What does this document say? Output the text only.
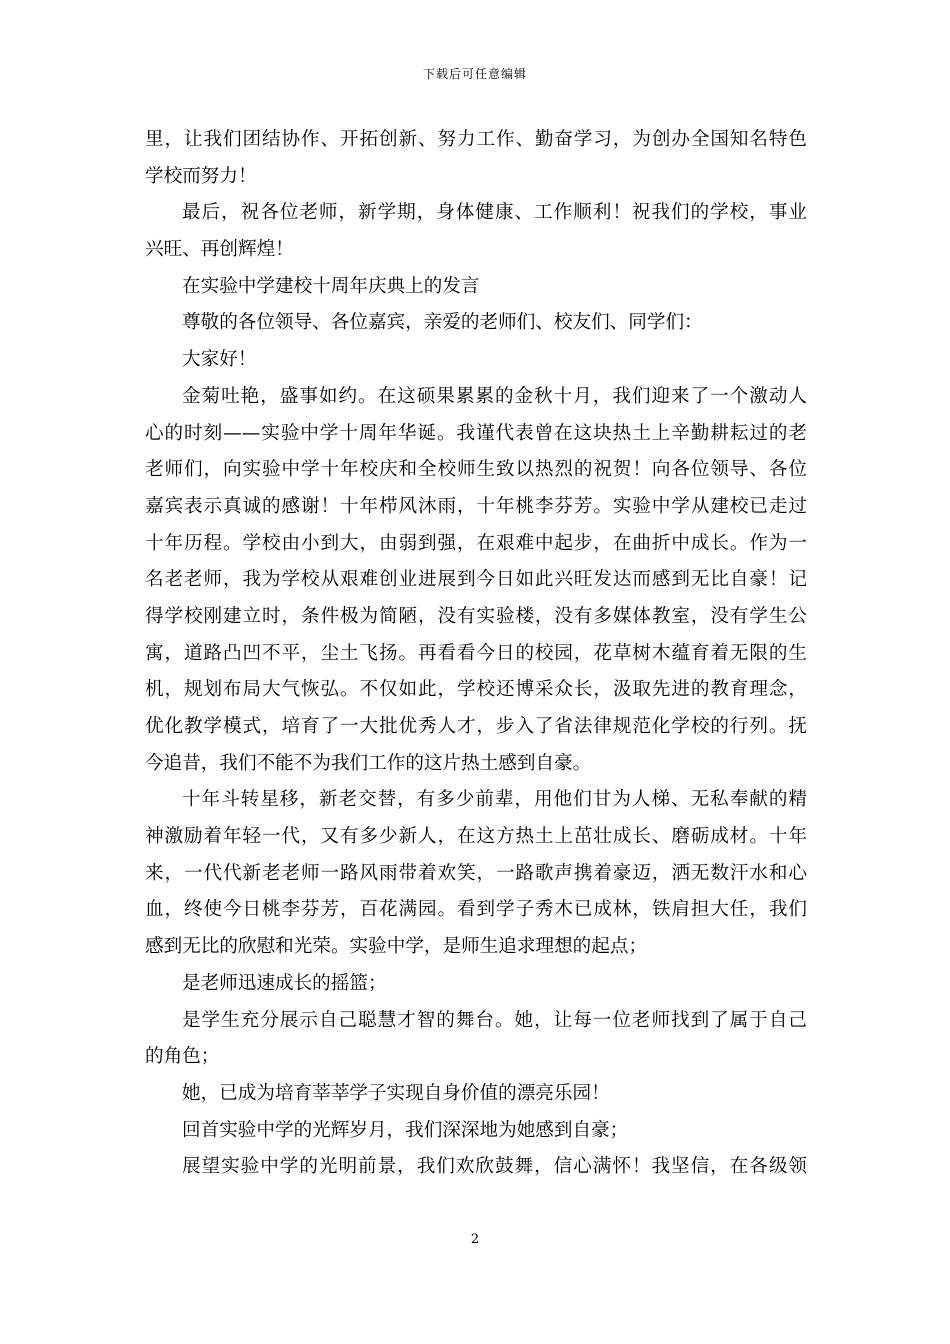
下载后可任意编辑
里，让我们团结协作、开拓创新、努力工作、勤奋学习，为创办全国知名特色
学校而努力！
最后，祝各位老师，新学期，身体健康、工作顺利！祝我们的学校，事业
兴旺、再创辉煌！
在实验中学建校十周年庆典上的发言
尊敬的各位领导、各位嘉宾，亲爱的老师们、校友们、同学们：
大家好！
金菊吐艳，盛事如约。在这硕果累累的金秋十月，我们迎来了一个激动人
心的时刻——实验中学十周年华诞。我谨代表曾在这块热土上辛勤耕耘过的老
老师们，向实验中学十年校庆和全校师生致以热烈的祝贺！向各位领导、各位
嘉宾表示真诚的感谢！十年栉风沐雨，十年桃李芬芳。实验中学从建校已走过
十年历程。学校由小到大，由弱到强，在艰难中起步，在曲折中成长。作为一
名老老师，我为学校从艰难创业进展到今日如此兴旺发达而感到无比自豪！记
得学校刚建立时，条件极为简陋，没有实验楼，没有多媒体教室，没有学生公
寓，道路凸凹不平，尘土飞扬。再看看今日的校园，花草树木蕴育着无限的生
机，规划布局大气恢弘。不仅如此，学校还博采众长，汲取先进的教育理念，
优化教学模式，培育了一大批优秀人才，步入了省法律规范化学校的行列。抚
今追昔，我们不能不为我们工作的这片热土感到自豪。
十年斗转星移，新老交替，有多少前辈，用他们甘为人梯、无私奉献的精
神激励着年轻一代，又有多少新人，在这方热土上茁壮成长、磨砺成材。十年
来，一代代新老老师一路风雨带着欢笑，一路歌声携着豪迈，洒无数汗水和心
血，终使今日桃李芬芳，百花满园。看到学子秀木已成林，铁肩担大任，我们
感到无比的欣慰和光荣。实验中学，是师生追求理想的起点；
是老师迅速成长的摇篮；
是学生充分展示自己聪慧才智的舞台。她，让每一位老师找到了属于自己
的角色；
她，已成为培育莘莘学子实现自身价值的漂亮乐园！
回首实验中学的光辉岁月，我们深深地为她感到自豪；
展望实验中学的光明前景，我们欢欣鼓舞，信心满怀！我坚信，在各级领
2
